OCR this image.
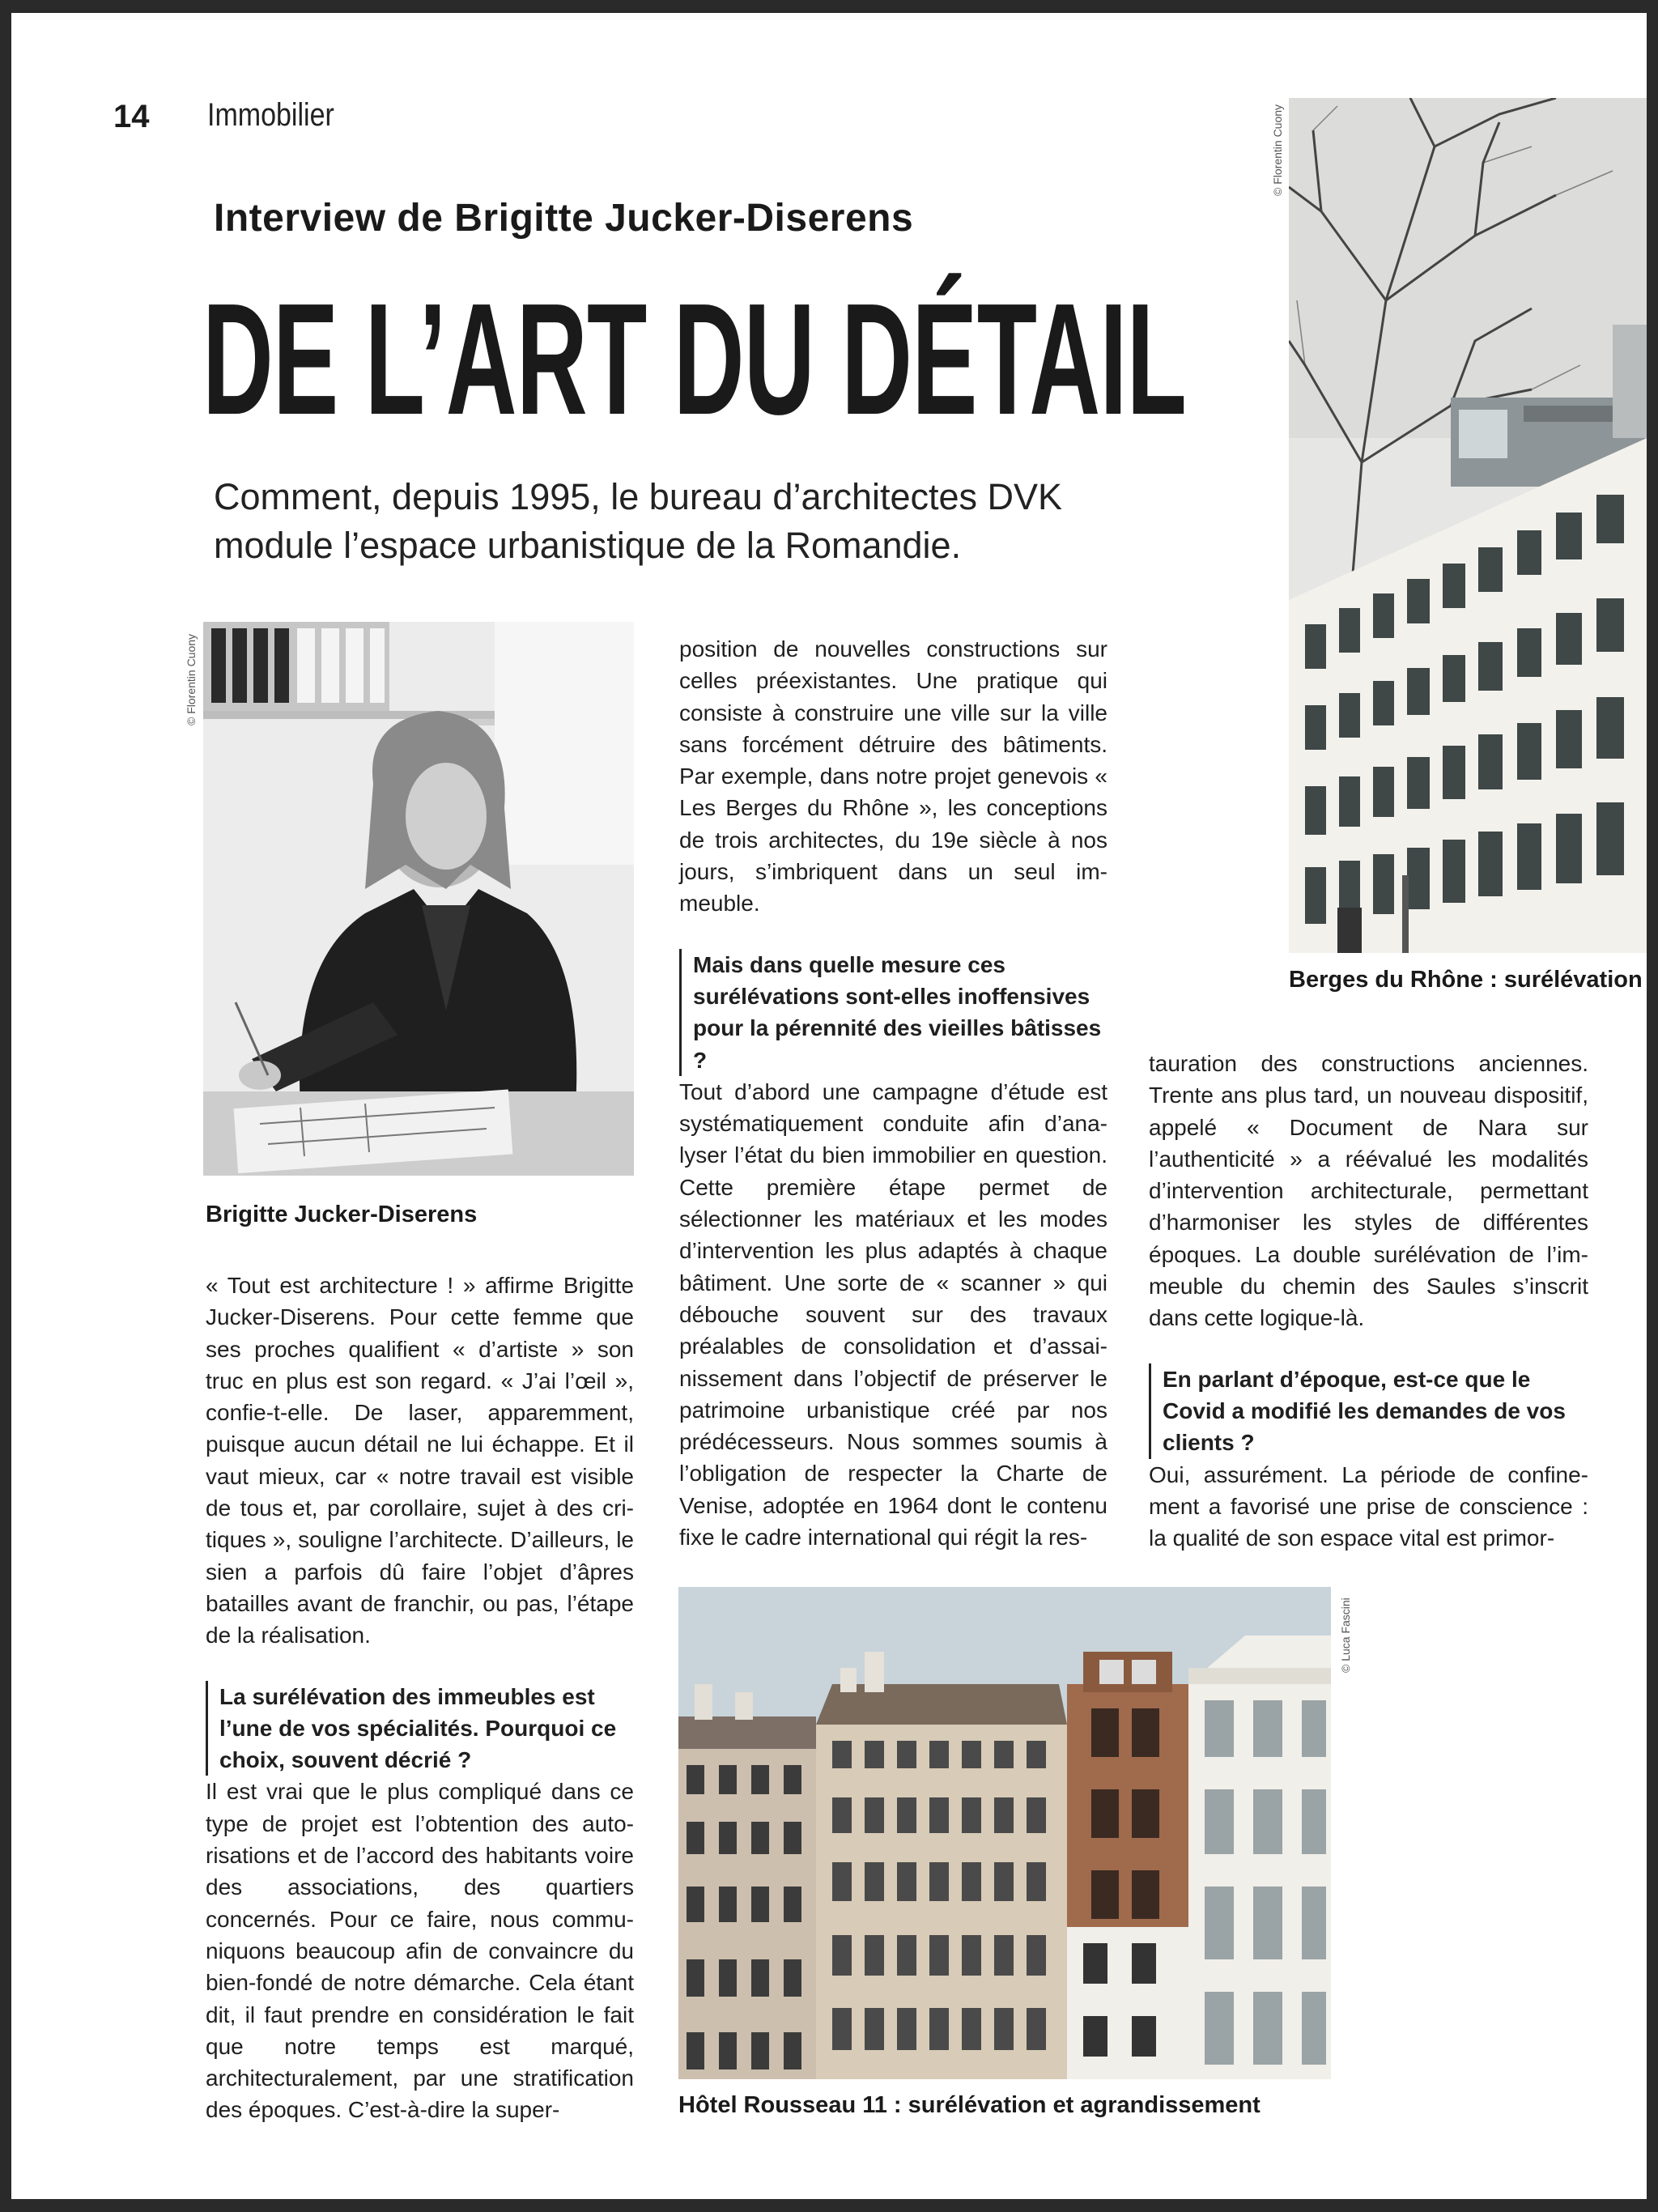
14 Immobilier
Interview de Brigitte Jucker-Diserens
DE L’ART DU DÉTAIL
Comment, depuis 1995, le bureau d’architectes DVK module l’espace urbanistique de la Romandie.
© Florentin Cuony
Berges du Rhône : surélévation
© Florentin Cuony
Brigitte Jucker-Diserens

« Tout est architecture ! » affirme Brigitte Jucker-Diserens. Pour cette femme que ses proches qualifient « d’artiste » son truc en plus est son regard. « J’ai l’œil », confie-t-elle. De laser, apparemment, puisque aucun détail ne lui échappe. Et il vaut mieux, car « notre travail est visible de tous et, par corollaire, sujet à des critiques », souligne l’architecte. D’ailleurs, le sien a parfois dû faire l’objet d’âpres batailles avant de franchir, ou pas, l’étape de la réalisation.

La surélévation des immeubles est l’une de vos spécialités. Pourquoi ce choix, souvent décrié ?

Il est vrai que le plus compliqué dans ce type de projet est l’obtention des autorisations et de l’accord des habitants voire des associations, des quartiers concernés. Pour ce faire, nous communiquons beaucoup afin de convaincre du bien-fondé de notre démarche. Cela étant dit, il faut prendre en considération le fait que notre temps est marqué, architecturalement, par une stratification des époques. C’est-à-dire la super-

position de nouvelles constructions sur celles préexistantes. Une pratique qui consiste à construire une ville sur la ville sans forcément détruire des bâtiments. Par exemple, dans notre projet genevois « Les Berges du Rhône », les conceptions de trois architectes, du 19e siècle à nos jours, s’imbriquent dans un seul immeuble.

Mais dans quelle mesure ces surélévations sont-elles inoffensives pour la pérennité des vieilles bâtisses ?

Tout d’abord une campagne d’étude est systématiquement conduite afin d’analyser l’état du bien immobilier en question. Cette première étape permet de sélectionner les matériaux et les modes d’intervention les plus adaptés à chaque bâtiment. Une sorte de « scanner » qui débouche souvent sur des travaux préalables de consolidation et d’assainissement dans l’objectif de préserver le patrimoine urbanistique créé par nos prédécesseurs. Nous sommes soumis à l’obligation de respecter la Charte de Venise, adoptée en 1964 dont le contenu fixe le cadre international qui régit la res-

tauration des constructions anciennes. Trente ans plus tard, un nouveau dispositif, appelé « Document de Nara sur l’authenticité » a réévalué les modalités d’intervention architecturale, permettant d’harmoniser les styles de différentes époques. La double surélévation de l’immeuble du chemin des Saules s’inscrit dans cette logique-là.

En parlant d’époque, est-ce que le Covid a modifié les demandes de vos clients ?

Oui, assurément. La période de confinement a favorisé une prise de conscience : la qualité de son espace vital est primor-

© Luca Fascini
Hôtel Rousseau 11 : surélévation et agrandissement
